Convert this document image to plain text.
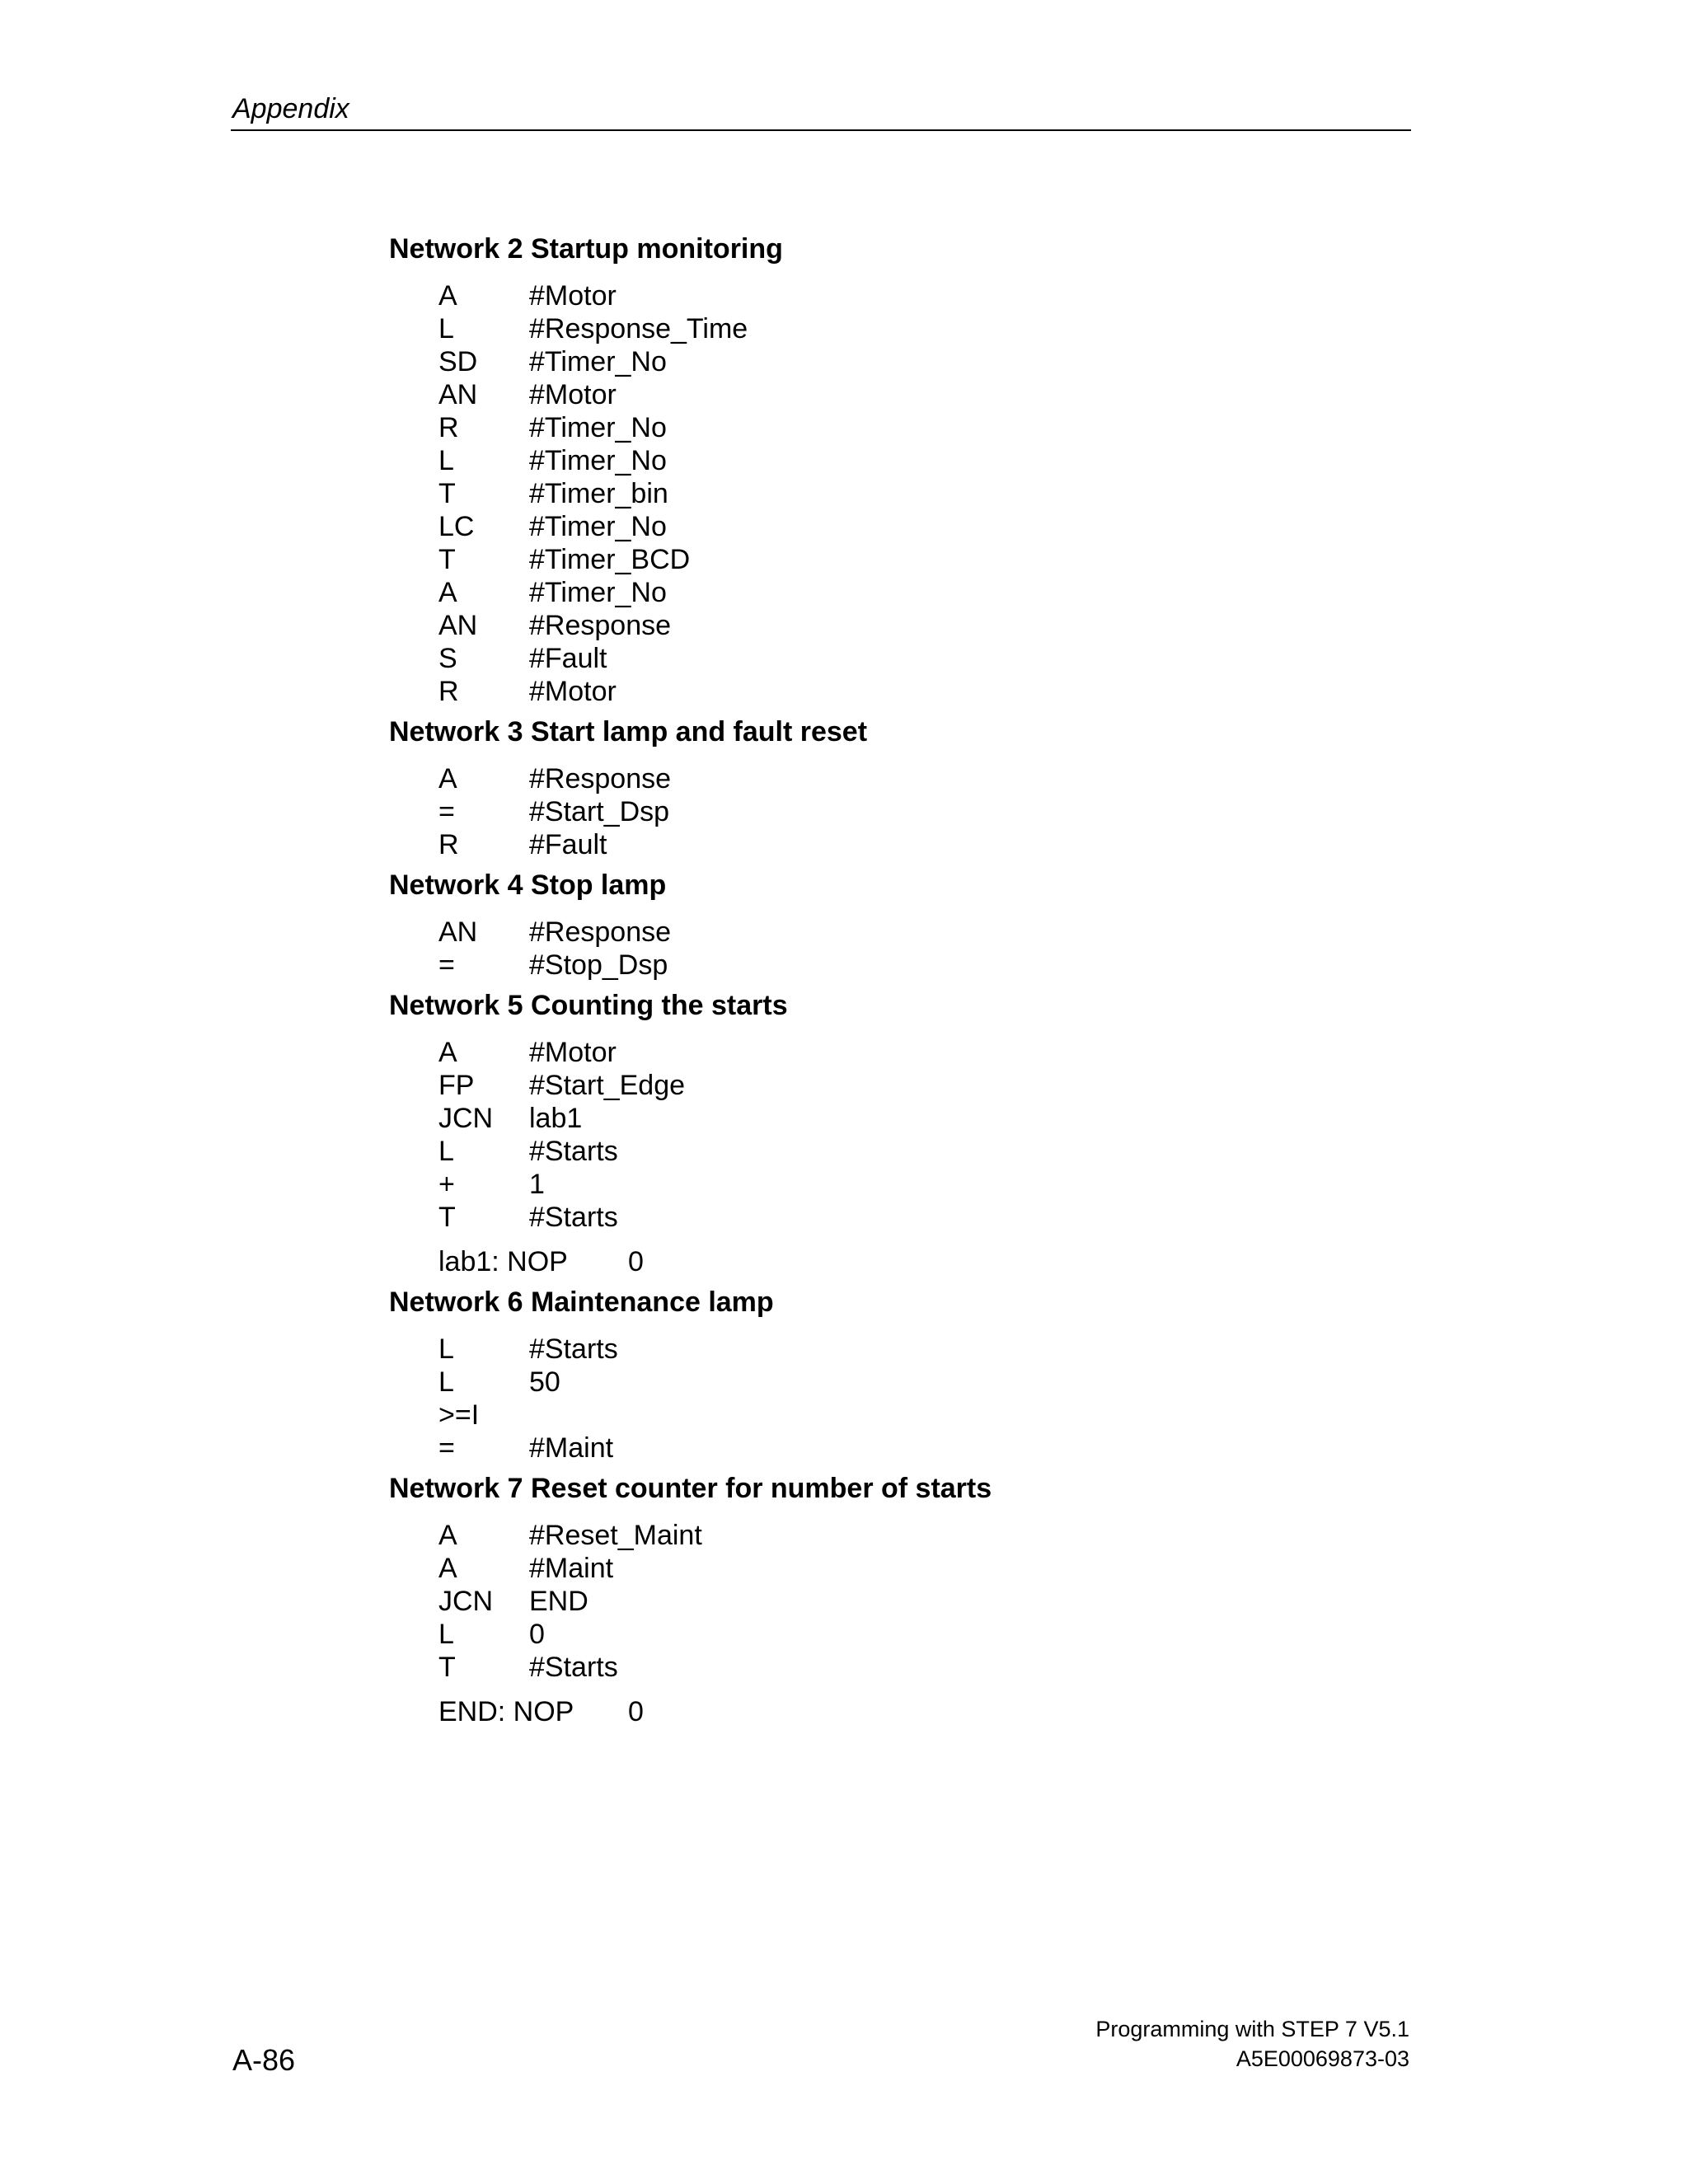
Appendix
Network 2 Startup monitoring
A	#Motor
L	#Response_Time
SD	#Timer_No
AN	#Motor
R	#Timer_No
L	#Timer_No
T	#Timer_bin
LC	#Timer_No
T	#Timer_BCD
A	#Timer_No
AN	#Response
S	#Fault
R	#Motor
Network 3 Start lamp and fault reset
A	#Response
=	#Start_Dsp
R	#Fault
Network 4 Stop lamp
AN	#Response
=	#Stop_Dsp
Network 5 Counting the starts
A	#Motor
FP	#Start_Edge
JCN	lab1
L	#Starts
+	1
T	#Starts
lab1: NOP 0
Network 6 Maintenance lamp
L	#Starts
L	50
>=I
=	#Maint
Network 7 Reset counter for number of starts
A	#Reset_Maint
A	#Maint
JCN	END
L	0
T	#Starts
END: NOP 0
A-86
Programming with STEP 7 V5.1
A5E00069873-03
